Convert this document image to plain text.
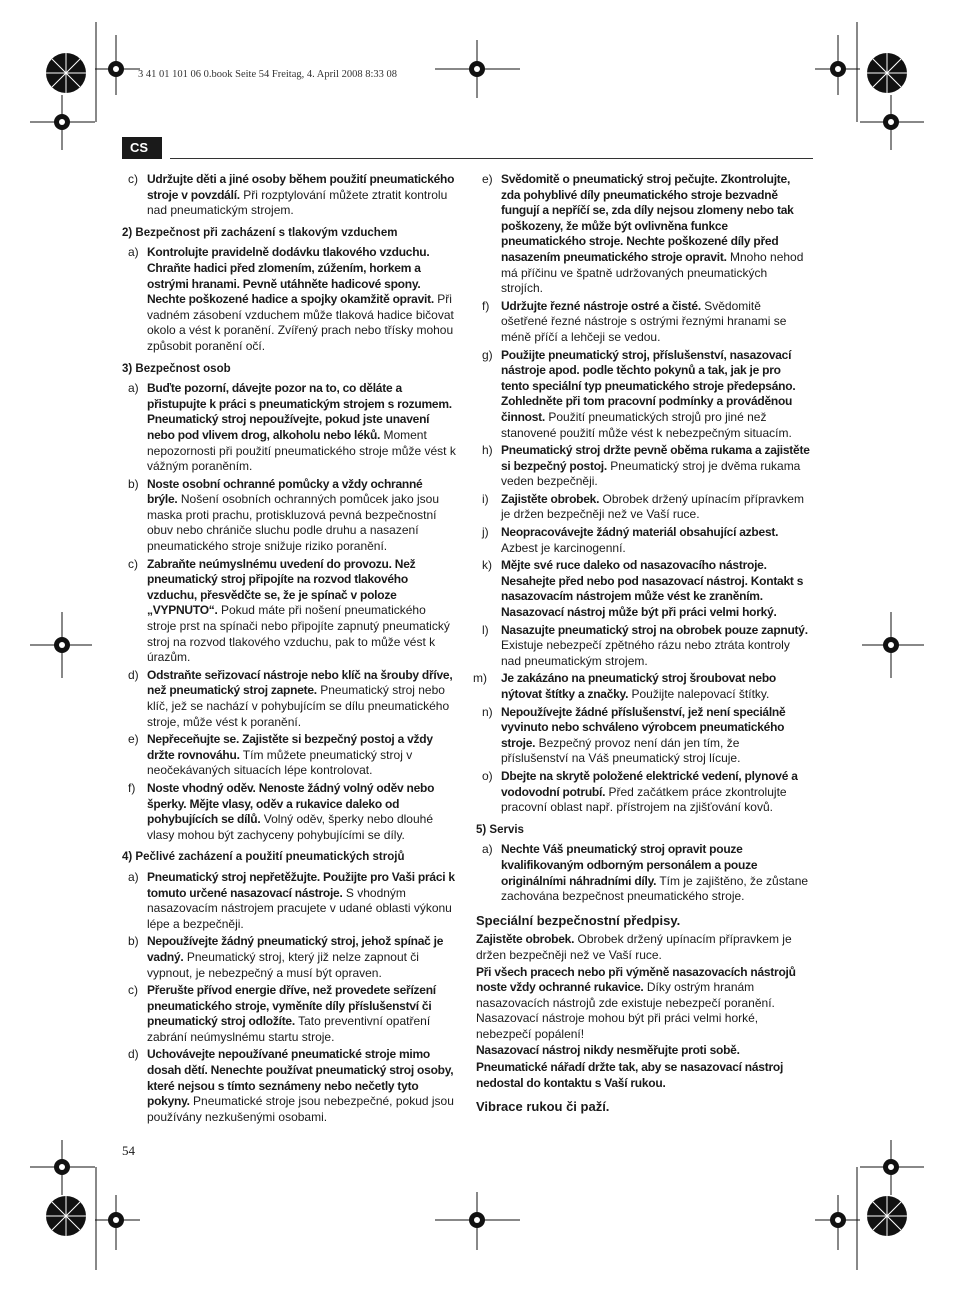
3 41 01 101 06 0.book Seite 54 Freitag, 4. April 2008 8:33 08
CS
c) Udržujte děti a jiné osoby během použití pneumatického stroje v povzdálí. Při rozptylování můžete ztratit kontrolu nad pneumatickým strojem.
2) Bezpečnost při zacházení s tlakovým vzduchem
a) Kontrolujte pravidelně dodávku tlakového vzduchu. Chraňte hadici před zlomením, zúžením, horkem a ostrými hranami. Pevně utáhněte hadicové spony. Nechte poškozené hadice a spojky okamžitě opravit. Při vadném zásobení vzduchem může tlaková hadice bičovat okolo a vést k poranění. Zvířený prach nebo třísky mohou způsobit poranění očí.
3) Bezpečnost osob
a) Buďte pozorní, dávejte pozor na to, co děláte a přistupujte k práci s pneumatickým strojem s rozumem. Pneumatický stroj nepoužívejte, pokud jste unavení nebo pod vlivem drog, alkoholu nebo léků. Moment nepozornosti při použití pneumatického stroje může vést k vážným poraněním.
b) Noste osobní ochranné pomůcky a vždy ochranné brýle. Nošení osobních ochranných pomůcek jako jsou maska proti prachu, protiskluzová pevná bezpečnostní obuv nebo chrániče sluchu podle druhu a nasazení pneumatického stroje snižuje riziko poranění.
c) Zabraňte neúmyslnému uvedení do provozu. Než pneumatický stroj připojíte na rozvod tlakového vzduchu, přesvědčte se, že je spínač v poloze „VYPNUTO“. Pokud máte při nošení pneumatického stroje prst na spínači nebo připojíte zapnutý pneumatický stroj na rozvod tlakového vzduchu, pak to může vést k úrazům.
d) Odstraňte seřizovací nástroje nebo klíč na šrouby dříve, než pneumatický stroj zapnete. Pneumatický stroj nebo klíč, jež se nachází v pohybujícím se dílu pneumatického stroje, může vést k poranění.
e) Nepřeceňujte se. Zajistěte si bezpečný postoj a vždy držte rovnováhu. Tím můžete pneumatický stroj v neočekávaných situacích lépe kontrolovat.
f) Noste vhodný oděv. Nenoste žádný volný oděv nebo šperky. Mějte vlasy, oděv a rukavice daleko od pohybujících se dílů. Volný oděv, šperky nebo dlouhé vlasy mohou být zachyceny pohybujícími se díly.
4) Pečlivé zacházení a použití pneumatických strojů
a) Pneumatický stroj nepřetěžujte. Použijte pro Vaši práci k tomuto určené nasazovací nástroje. S vhodným nasazovacím nástrojem pracujete v udané oblasti výkonu lépe a bezpečněji.
b) Nepoužívejte žádný pneumatický stroj, jehož spínač je vadný. Pneumatický stroj, který již nelze zapnout či vypnout, je nebezpečný a musí být opraven.
c) Přerušte přívod energie dříve, než provedete seřízení pneumatického stroje, vyměníte díly příslušenství či pneumatický stroj odložíte. Tato preventivní opatření zabrání neúmyslnému startu stroje.
d) Uchovávejte nepoužívané pneumatické stroje mimo dosah dětí. Nenechte používat pneumatický stroj osoby, které nejsou s tímto seznámeny nebo nečetly tyto pokyny. Pneumatické stroje jsou nebezpečné, pokud jsou používány nezkušenými osobami.
e) Svědomitě o pneumatický stroj pečujte. Zkontrolujte, zda pohyblivé díly pneumatického stroje bezvadně fungují a nepříčí se, zda díly nejsou zlomeny nebo tak poškozeny, že může být ovlivněna funkce pneumatického stroje. Nechte poškozené díly před nasazením pneumatického stroje opravit. Mnoho nehod má příčinu ve špatně udržovaných pneumatických strojích.
f) Udržujte řezné nástroje ostré a čisté. Svědomitě ošetřené řezné nástroje s ostrými řeznými hranami se méně příčí a lehčeji se vedou.
g) Použijte pneumatický stroj, příslušenství, nasazovací nástroje apod. podle těchto pokynů a tak, jak je pro tento speciální typ pneumatického stroje předepsáno. Zohledněte při tom pracovní podmínky a prováděnou činnost. Použití pneumatických strojů pro jiné než stanovené použití může vést k nebezpečným situacím.
h) Pneumatický stroj držte pevně oběma rukama a zajistěte si bezpečný postoj. Pneumatický stroj je dvěma rukama veden bezpečněji.
i) Zajistěte obrobek. Obrobek držený upínacím přípravkem je držen bezpečněji než ve Vaší ruce.
j) Neopracovávejte žádný materiál obsahující azbest. Azbest je karcinogenní.
k) Mějte své ruce daleko od nasazovacího nástroje. Nesahejte před nebo pod nasazovací nástroj. Kontakt s nasazovacím nástrojem může vést ke zraněním. Nasazovací nástroj může být při práci velmi horký.
l) Nasazujte pneumatický stroj na obrobek pouze zapnutý. Existuje nebezpečí zpětného rázu nebo ztráta kontroly nad pneumatickým strojem.
m) Je zakázáno na pneumatický stroj šroubovat nebo nýtovat štítky a značky. Použijte nalepovací štítky.
n) Nepoužívejte žádné příslušenství, jež není speciálně vyvinuto nebo schváleno výrobcem pneumatického stroje. Bezpečný provoz není dán jen tím, že příslušenství na Váš pneumatický stroj lícuje.
o) Dbejte na skrytě položené elektrické vedení, plynové a vodovodní potrubí. Před začátkem práce zkontrolujte pracovní oblast např. přístrojem na zjišťování kovů.
5) Servis
a) Nechte Váš pneumatický stroj opravit pouze kvalifikovaným odborným personálem a pouze originálními náhradními díly. Tím je zajištěno, že zůstane zachována bezpečnost pneumatického stroje.
Speciální bezpečnostní předpisy.
Zajistěte obrobek. Obrobek držený upínacím přípravkem je držen bezpečněji než ve Vaší ruce.
Při všech pracech nebo při výměně nasazovacích nástrojů noste vždy ochranné rukavice. Díky ostrým hranám nasazovacích nástrojů zde existuje nebezpečí poranění. Nasazovací nástroje mohou být při práci velmi horké, nebezpečí popálení!
Nasazovací nástroj nikdy nesměřujte proti sobě.
Pneumatické nářadí držte tak, aby se nasazovací nástroj nedostal do kontaktu s Vaší rukou.
Vibrace rukou či paží.
54
